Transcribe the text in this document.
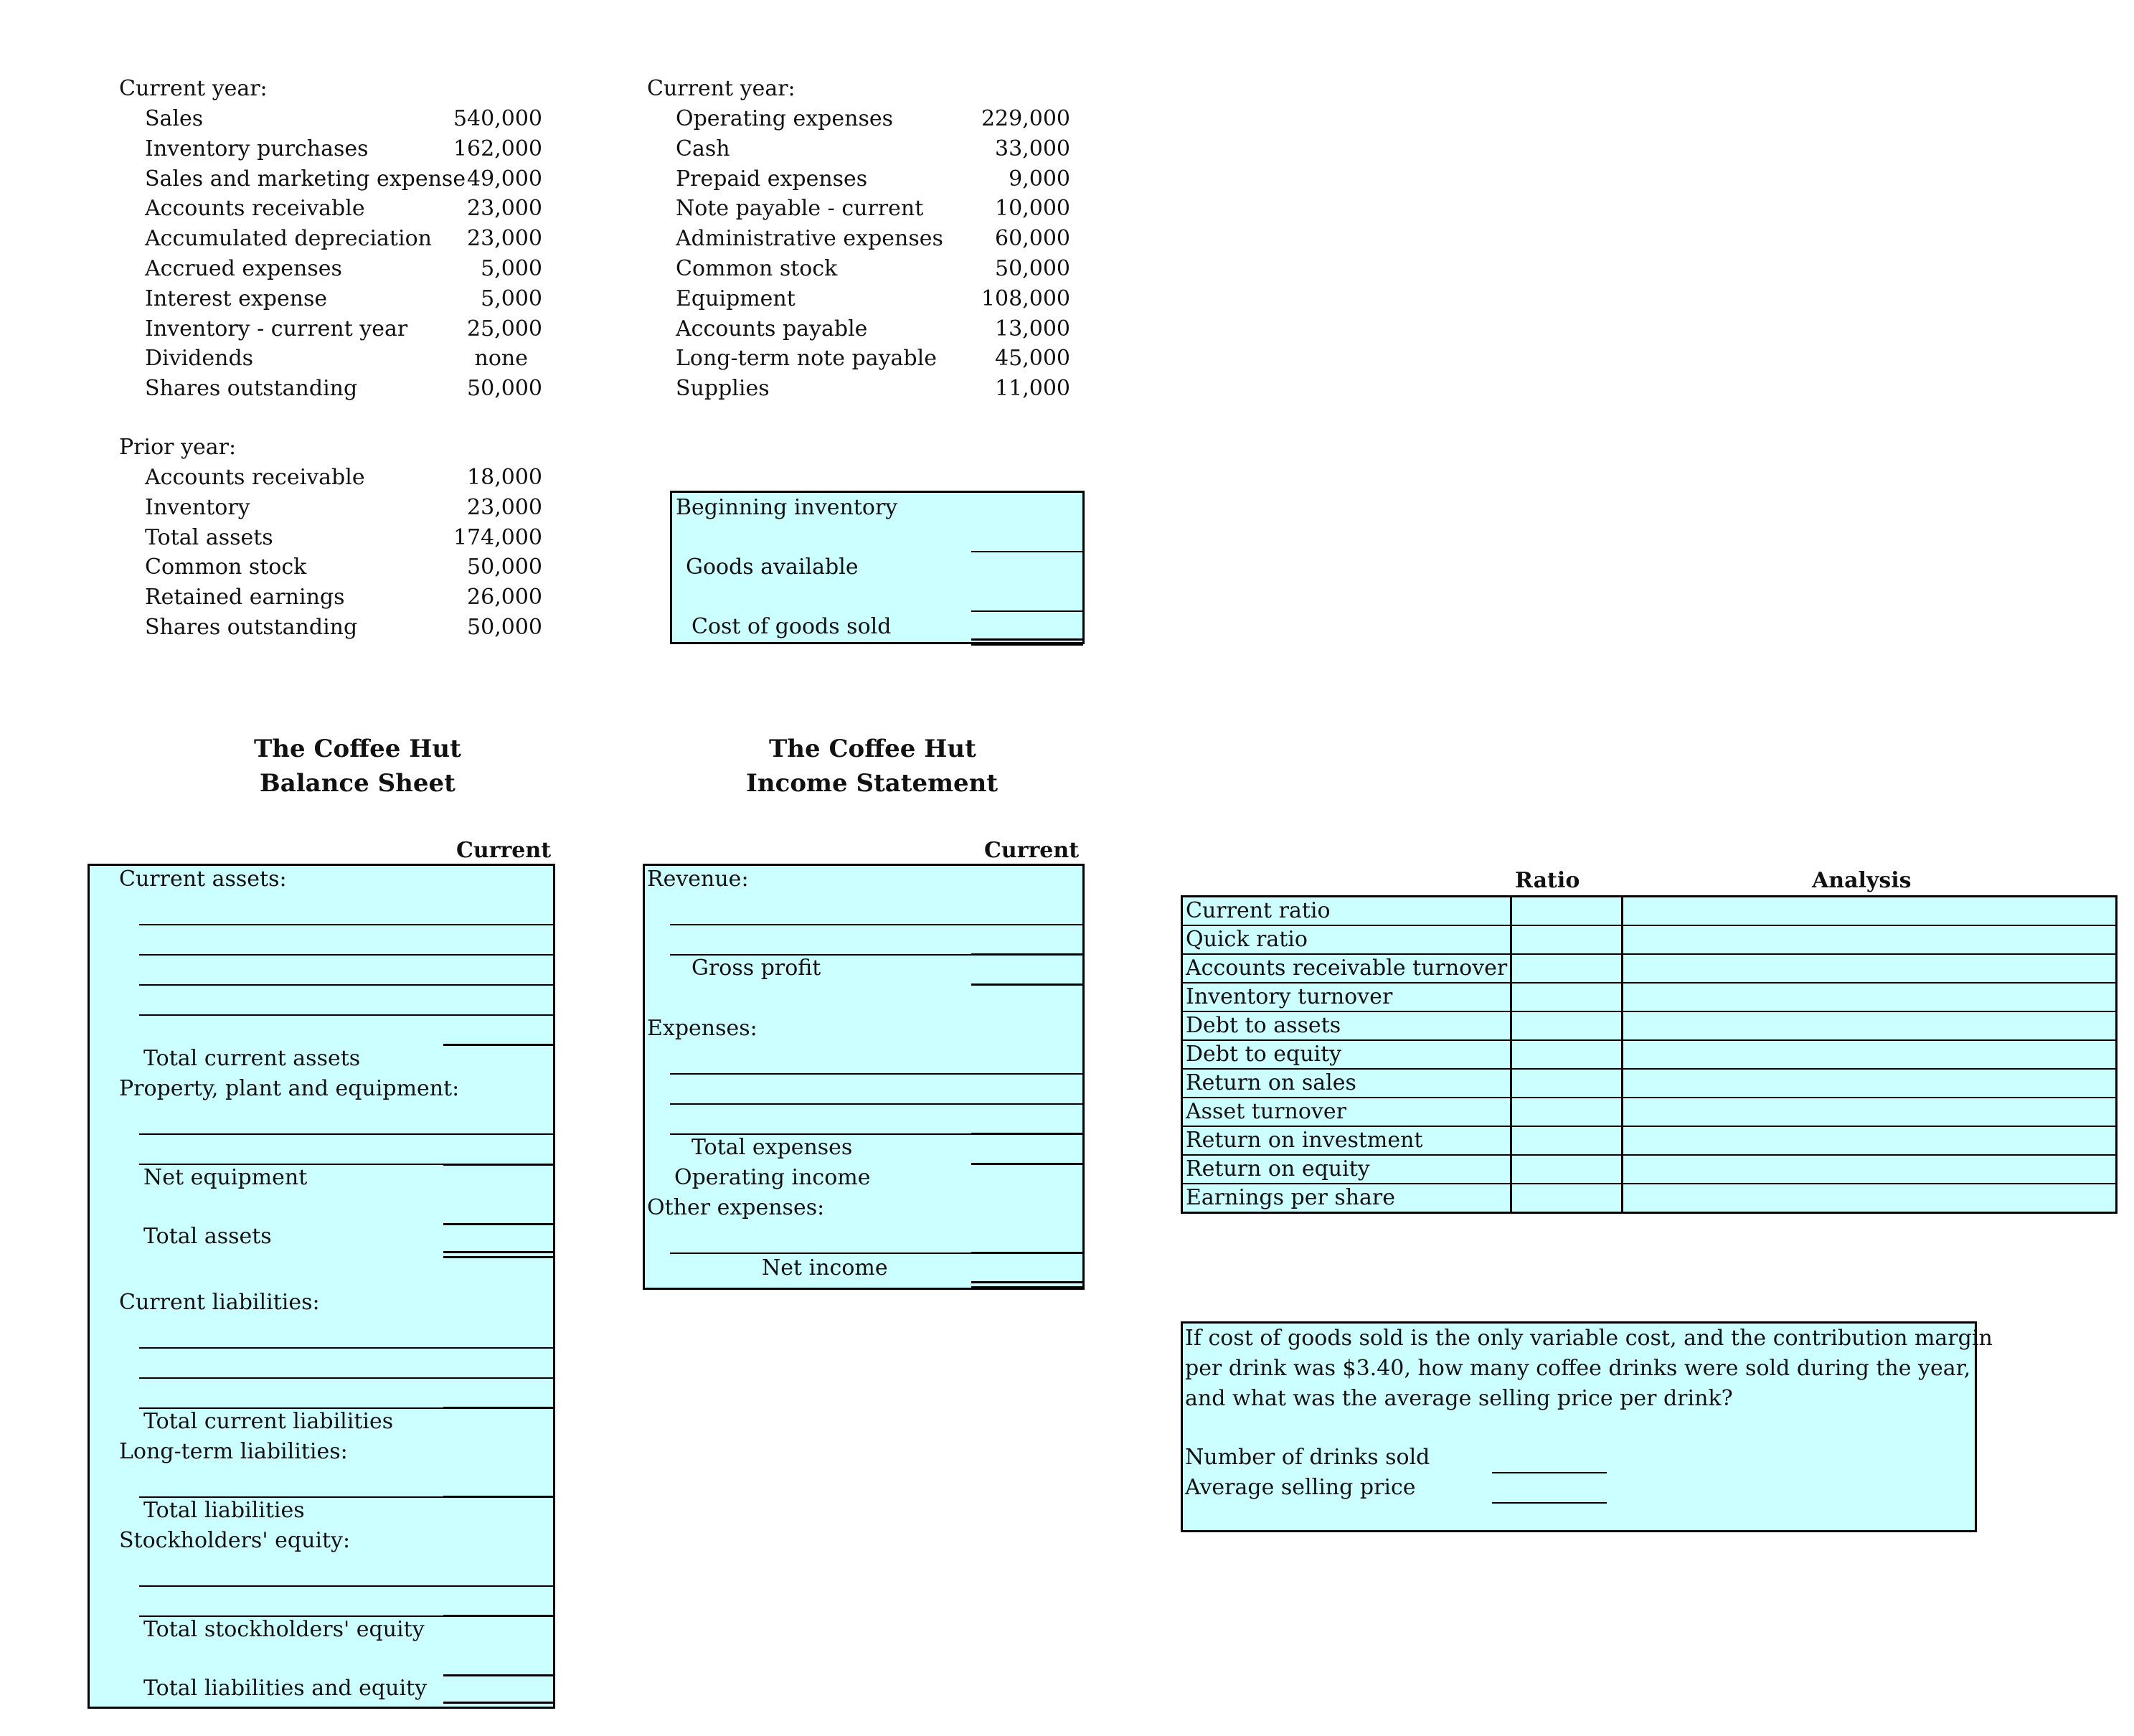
Current year:
Sales	540,000
Inventory purchases	162,000
Sales and marketing expense 49,000
Accounts receivable	23,000
Accumulated depreciation	23,000
Accrued expenses	5,000
Interest expense	5,000
Inventory - current year	25,000
Dividends	none
Shares outstanding	50,000
Current year:
Operating expenses	229,000
Cash	33,000
Prepaid expenses	9,000
Note payable - current	10,000
Administrative expenses	60,000
Common stock	50,000
Equipment	108,000
Accounts payable	13,000
Long-term note payable	45,000
Supplies	11,000
Prior year:
Accounts receivable	18,000
Inventory	23,000
Total assets	174,000
Common stock	50,000
Retained earnings	26,000
Shares outstanding	50,000
Beginning inventory
Goods available
Cost of goods sold
The Coffee Hut
Balance Sheet
Current
The Coffee Hut
Income Statement
Current
Current assets:
Total current assets
Property, plant and equipment:
Net equipment
Total assets
Current liabilities:
Total current liabilities
Long-term liabilities:
Total liabilities
Stockholders' equity:
Total stockholders' equity
Total liabilities and equity
Revenue:
Gross profit
Expenses:
Total expenses
Operating income
Other expenses:
Net income
Ratio	Analysis
Current ratio		
Quick ratio		
Accounts receivable turnover		
Inventory turnover		
Debt to assets		
Debt to equity		
Return on sales		
Asset turnover		
Return on investment		
Return on equity		
Earnings per share		
If cost of goods sold is the only variable cost, and the contribution margin
per drink was $3.40, how many coffee drinks were sold during the year,
and what was the average selling price per drink?
Number of drinks sold
Average selling price
